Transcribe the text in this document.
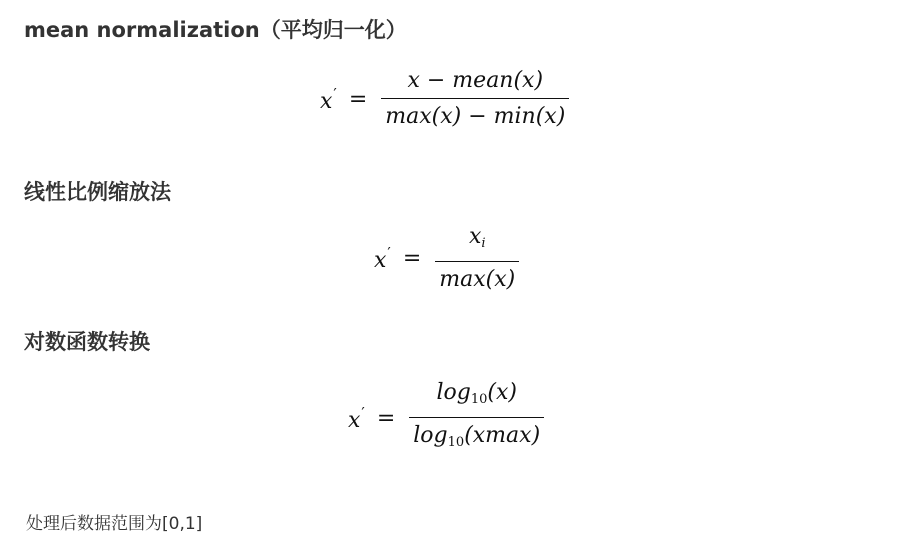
mean normalization（平均归一化）
$x' = \frac{\text{x − mean(x)}}{\max(x) - \min(x)}$
线性比例缩放法
$x' = \frac{x_i}{\max(x)}$
对数函数转换
$x' = \frac{\log_{10}(x)}{\log_{10}(xmax)}$

处理后数据范围为[0,1]
